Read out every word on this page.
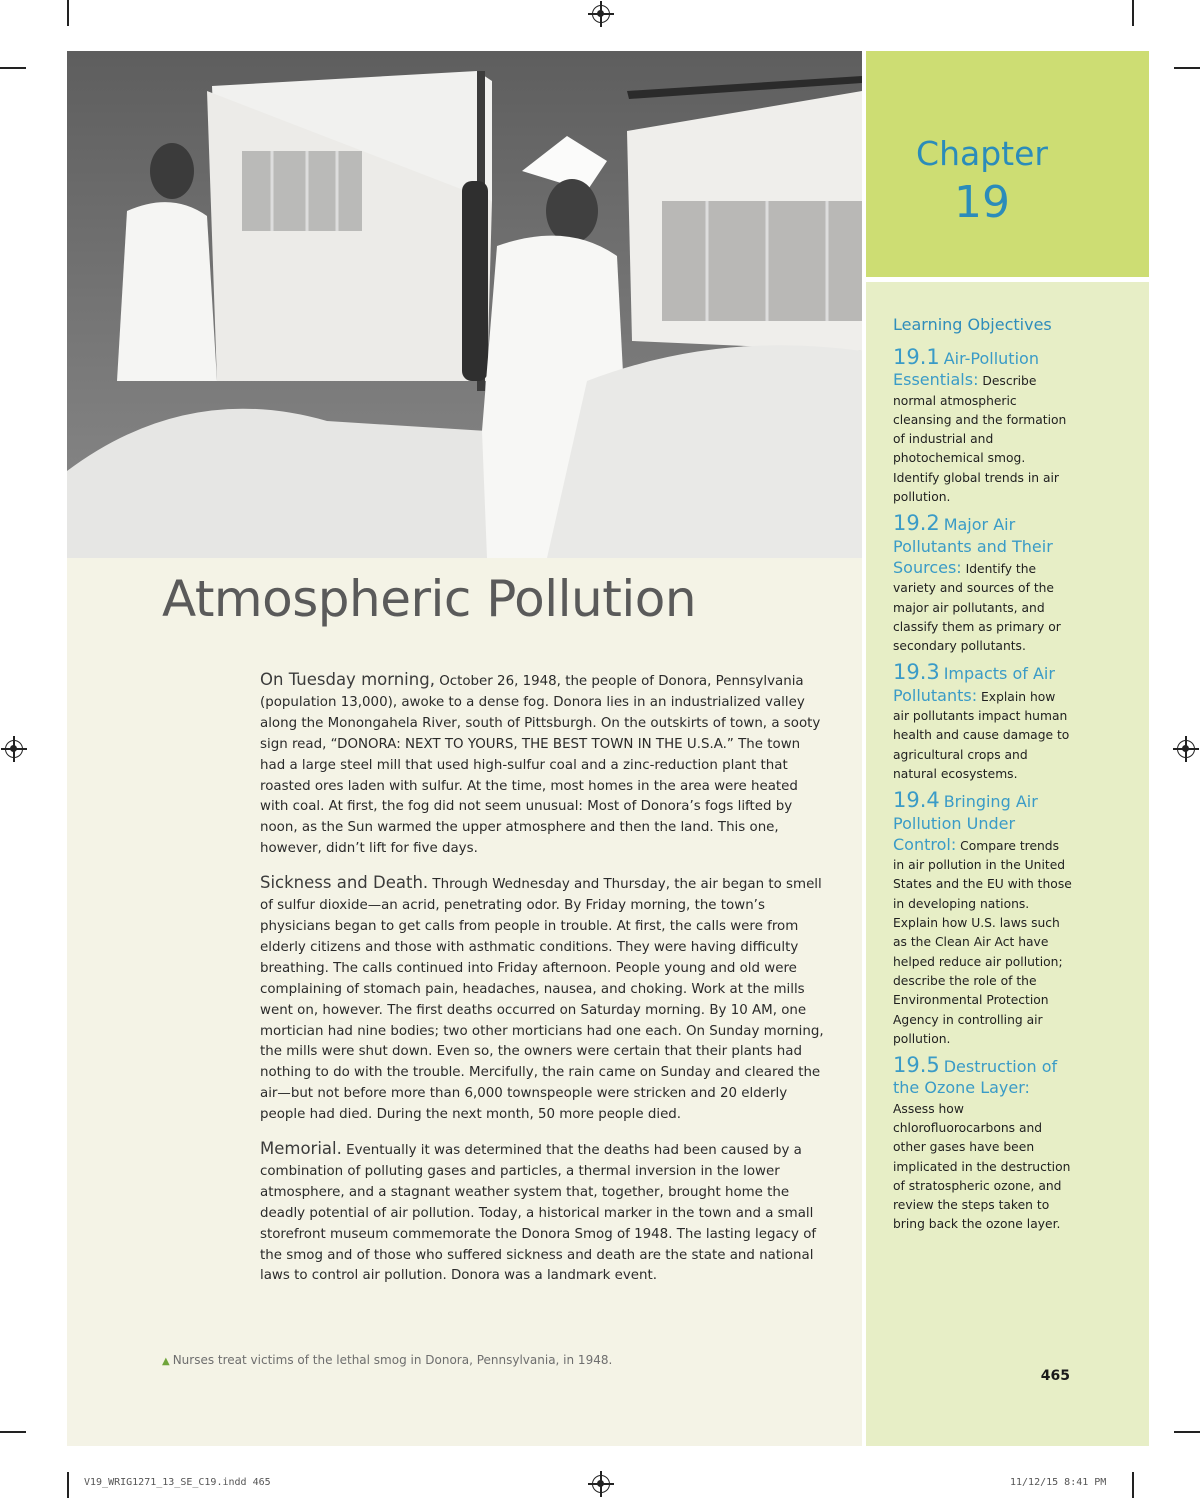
Atmospheric Pollution

On Tuesday morning, October 26, 1948, the people of Donora, Pennsylvania (population 13,000), awoke to a dense fog. Donora lies in an industrialized valley along the Monongahela River, south of Pittsburgh. On the outskirts of town, a sooty sign read, “DONORA: NEXT TO YOURS, THE BEST TOWN IN THE U.S.A.” The town had a large steel mill that used high-sulfur coal and a zinc-reduction plant that roasted ores laden with sulfur. At the time, most homes in the area were heated with coal. At first, the fog did not seem unusual: Most of Donora’s fogs lifted by noon, as the Sun warmed the upper atmosphere and then the land. This one, however, didn’t lift for five days.

Sickness and Death. Through Wednesday and Thursday, the air began to smell of sulfur dioxide—an acrid, penetrating odor. By Friday morning, the town’s physicians began to get calls from people in trouble. At first, the calls were from elderly citizens and those with asthmatic conditions. They were having difficulty breathing. The calls continued into Friday afternoon. People young and old were complaining of stomach pain, headaches, nausea, and choking. Work at the mills went on, however. The first deaths occurred on Saturday morning. By 10 AM, one mortician had nine bodies; two other morticians had one each. On Sunday morning, the mills were shut down. Even so, the owners were certain that their plants had nothing to do with the trouble. Mercifully, the rain came on Sunday and cleared the air—but not before more than 6,000 townspeople were stricken and 20 elderly people had died. During the next month, 50 more people died.

Memorial. Eventually it was determined that the deaths had been caused by a combination of polluting gases and particles, a thermal inversion in the lower atmosphere, and a stagnant weather system that, together, brought home the deadly potential of air pollution. Today, a historical marker in the town and a small storefront museum commemorate the Donora Smog of 1948. The lasting legacy of the smog and of those who suffered sickness and death are the state and national laws to control air pollution. Donora was a landmark event.

▲ Nurses treat victims of the lethal smog in Donora, Pennsylvania, in 1948.
Chapter
19
Learning Objectives
19.1 Air-Pollution Essentials: Describe normal atmospheric cleansing and the formation of industrial and photochemical smog. Identify global trends in air pollution.
19.2 Major Air Pollutants and Their Sources: Identify the variety and sources of the major air pollutants, and classify them as primary or secondary pollutants.
19.3 Impacts of Air Pollutants: Explain how air pollutants impact human health and cause damage to agricultural crops and natural ecosystems.
19.4 Bringing Air Pollution Under Control: Compare trends in air pollution in the United States and the EU with those in developing nations. Explain how U.S. laws such as the Clean Air Act have helped reduce air pollution; describe the role of the Environmental Protection Agency in controlling air pollution.
19.5 Destruction of the Ozone Layer: Assess how chlorofluorocarbons and other gases have been implicated in the destruction of stratospheric ozone, and review the steps taken to bring back the ozone layer.
465
V19_WRIG1271_13_SE_C19.indd 465	11/12/15 8:41 PM
